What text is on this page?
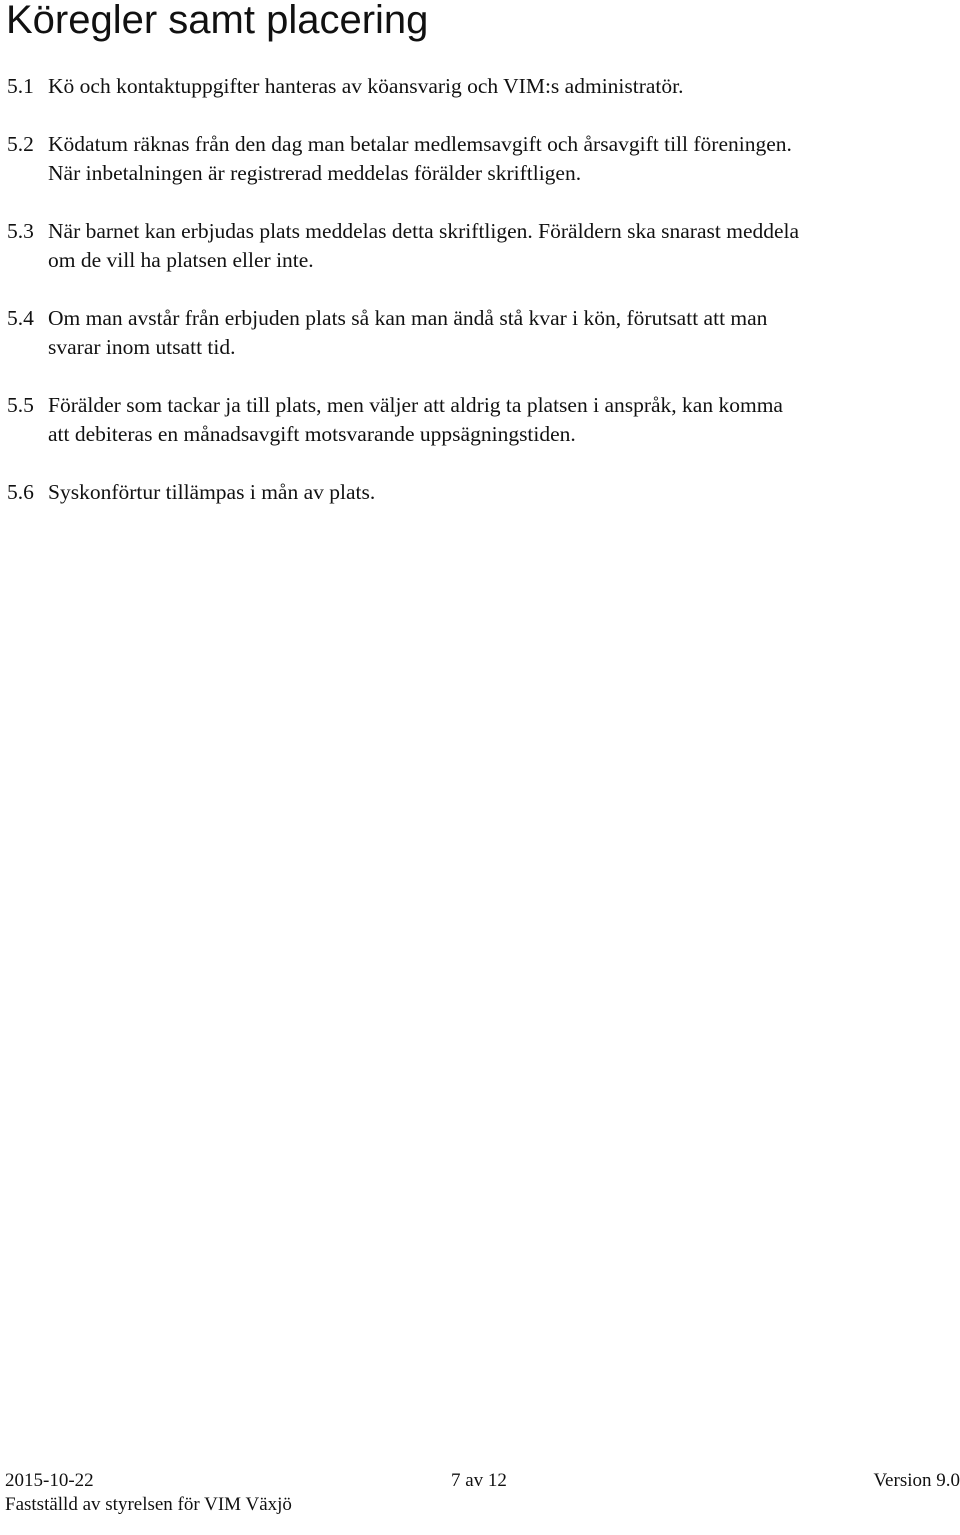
Köregler samt placering
5.1 Kö och kontaktuppgifter hanteras av köansvarig och VIM:s administratör.
5.2 Ködatum räknas från den dag man betalar medlemsavgift och årsavgift till föreningen. När inbetalningen är registrerad meddelas förälder skriftligen.
5.3 När barnet kan erbjudas plats meddelas detta skriftligen. Föräldern ska snarast meddela om de vill ha platsen eller inte.
5.4 Om man avstår från erbjuden plats så kan man ändå stå kvar i kön, förutsatt att man svarar inom utsatt tid.
5.5 Förälder som tackar ja till plats, men väljer att aldrig ta platsen i anspråk, kan komma att debiteras en månadsavgift motsvarande uppsägningstiden.
5.6 Syskonförtur tillämpas i mån av plats.
2015-10-22	7 av 12	Version 9.0
Fastställd av styrelsen för VIM Växjö
